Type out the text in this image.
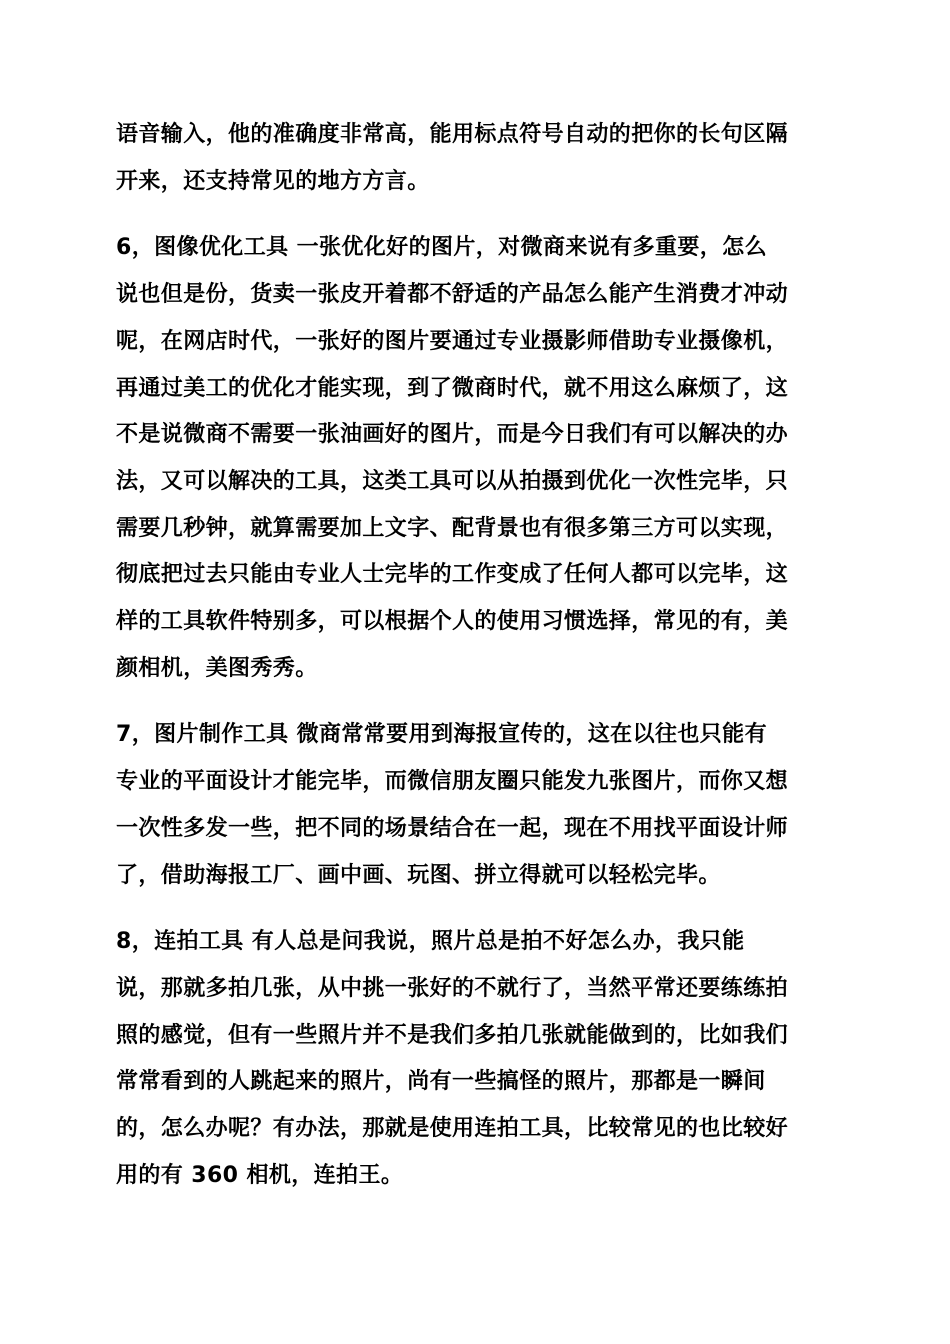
语音输入，他的准确度非常高，能用标点符号自动的把你的长句区隔
开来，还支持常见的地方方言。
6，图像优化工具 一张优化好的图片，对微商来说有多重要，怎么
说也但是份，货卖一张皮开着都不舒适的产品怎么能产生消费才冲动
呢，在网店时代，一张好的图片要通过专业摄影师借助专业摄像机，
再通过美工的优化才能实现，到了微商时代，就不用这么麻烦了，这
不是说微商不需要一张油画好的图片，而是今日我们有可以解决的办
法，又可以解决的工具，这类工具可以从拍摄到优化一次性完毕，只
需要几秒钟，就算需要加上文字、配背景也有很多第三方可以实现，
彻底把过去只能由专业人士完毕的工作变成了任何人都可以完毕，这
样的工具软件特别多，可以根据个人的使用习惯选择，常见的有，美
颜相机，美图秀秀。
7，图片制作工具 微商常常要用到海报宣传的，这在以往也只能有
专业的平面设计才能完毕，而微信朋友圈只能发九张图片，而你又想
一次性多发一些，把不同的场景结合在一起，现在不用找平面设计师
了，借助海报工厂、画中画、玩图、拼立得就可以轻松完毕。
8，连拍工具 有人总是问我说，照片总是拍不好怎么办，我只能
说，那就多拍几张，从中挑一张好的不就行了，当然平常还要练练拍
照的感觉，但有一些照片并不是我们多拍几张就能做到的，比如我们
常常看到的人跳起来的照片，尚有一些搞怪的照片，那都是一瞬间
的，怎么办呢？有办法，那就是使用连拍工具，比较常见的也比较好
用的有 360 相机，连拍王。
